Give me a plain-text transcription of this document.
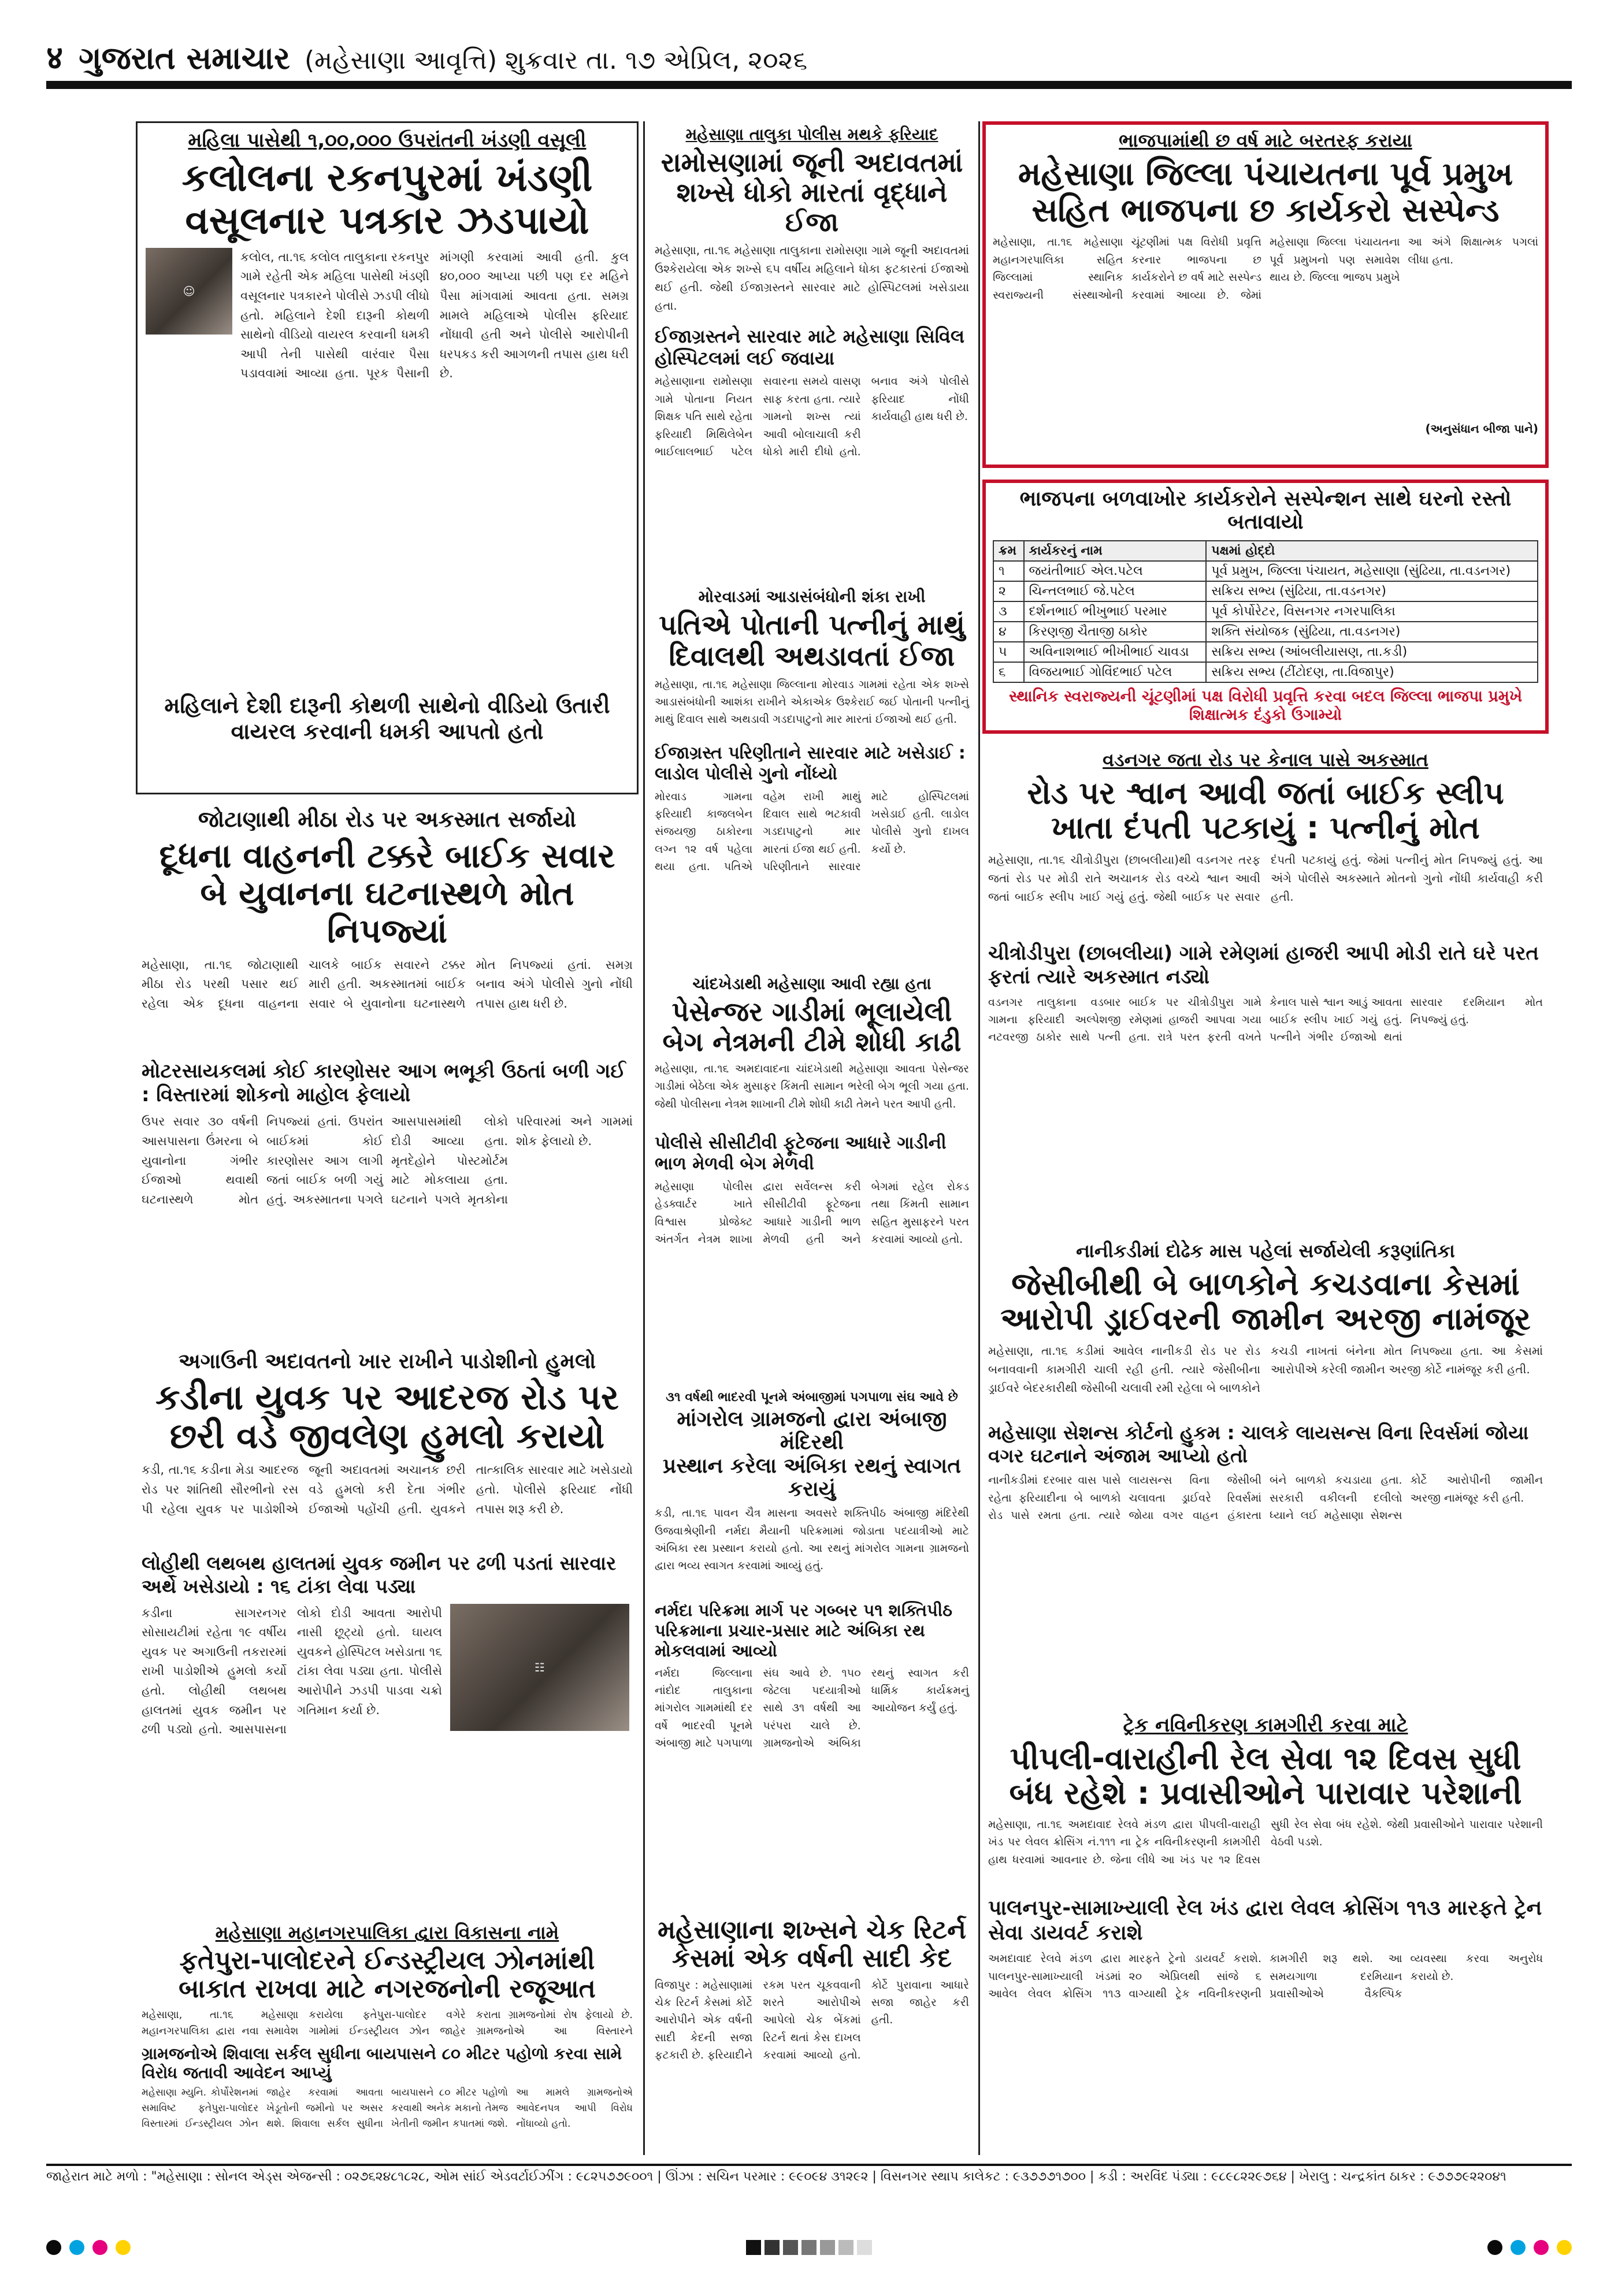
४ ગુજરાત સમાચાર (મહેસાણા આવૃત્તિ) શુક્રવાર તા. ૧૭ એપ્રિલ, ૨૦૨૬
મહિલા પાસેથી ૧,૦૦,૦૦૦ ઉપરાંતની ખંડણી વસૂલી
કલોલના રકનપુરમાં ખંડણી
વસૂલનાર પત્રકાર ઝડપાયો
☺
કલોલ, તા.૧૬ કલોલ તાલુકાના રકનપુર ગામે રહેતી એક મહિલા પાસેથી ખંડણી વસૂલનાર પત્રકારને પોલીસે ઝડપી લીધો હતો. મહિલાને દેશી દારૂની કોથળી સાથેનો વીડિયો વાયરલ કરવાની ધમકી આપી તેની પાસેથી વારંવાર પૈસા પડાવવામાં આવ્યા હતા. પૂરક પૈસાની માંગણી કરવામાં આવી હતી. કુલ ૪૦,૦૦૦ આપ્યા પછી પણ દર મહિને પૈસા માંગવામાં આવતા હતા. સમગ્ર મામલે મહિલાએ પોલીસ ફરિયાદ નોંધાવી હતી અને પોલીસે આરોપીની ધરપકડ કરી આગળની તપાસ હાથ ધરી છે.
મહિલાને દેશી દારૂની કોથળી સાથેનો વીડિયો ઉતારી વાયરલ કરવાની ધમકી આપતો હતો
જોટાણાથી મીઠા રોડ પર અકસ્માત સર્જાયો
દૂધના વાહનની ટક્કરે બાઈક સવાર
બે યુવાનના ઘટનાસ્થળે મોત નિપજ્યાં
મહેસાણા, તા.૧૬ જોટાણાથી મીઠા રોડ પરથી પસાર થઈ રહેલા એક દૂધના વાહનના ચાલકે બાઈક સવારને ટક્કર મારી હતી. અકસ્માતમાં બાઈક સવાર બે યુવાનોના ઘટનાસ્થળે મોત નિપજ્યાં હતાં. સમગ્ર બનાવ અંગે પોલીસે ગુનો નોંધી તપાસ હાથ ધરી છે.
મોટરસાયકલમાં કોઈ કારણોસર આગ ભભૂકી ઉઠતાં બળી ગઈ : વિસ્તારમાં શોકનો માહોલ ફેલાયો
ઉપર સવાર ૩૦ વર્ષની આસપાસના ઉંમરના બે યુવાનોના ગંભીર ઈજાઓ થવાથી ઘટનાસ્થળે મોત નિપજ્યાં હતાં. ઉપરાંત બાઈકમાં કોઈ કારણોસર આગ લાગી જતાં બાઈક બળી ગયું હતું. અકસ્માતના પગલે આસપાસમાંથી લોકો દોડી આવ્યા હતા. મૃતદેહોને પોસ્ટમોર્ટમ માટે મોકલાયા હતા. ઘટનાને પગલે મૃતકોના પરિવારમાં અને ગામમાં શોક ફેલાયો છે.
અગાઉની અદાવતનો ખાર રાખીને પાડોશીનો હુમલો
કડીના યુવક પર આદરજ રોડ પર
છરી વડે જીવલેણ હુમલો કરાયો
કડી, તા.૧૬ કડીના મેડા આદરજ રોડ પર શાંતિથી સૌરભીનો રસ પી રહેલા યુવક પર પાડોશીએ જૂની અદાવતમાં અચાનક છરી વડે હુમલો કરી દેતા ગંભીર ઈજાઓ પહોંચી હતી. યુવકને તાત્કાલિક સારવાર માટે ખસેડાયો હતો. પોલીસે ફરિયાદ નોંધી તપાસ શરૂ કરી છે.
લોહીથી લથબથ હાલતમાં યુવક જમીન પર ઢળી પડતાં સારવાર અર્થે ખસેડાયો : ૧૬ ટાંકા લેવા પડ્યા
કડીના સાગરનગર સોસાયટીમાં રહેતા ૧૯ વર્ષીય યુવક પર અગાઉની તકરારમાં રાખી પાડોશીએ હુમલો કર્યો હતો. લોહીથી લથબથ હાલતમાં યુવક જમીન પર ઢળી પડ્યો હતો. આસપાસના લોકો દોડી આવતા આરોપી નાસી છૂટ્યો હતો. ઘાયલ યુવકને હોસ્પિટલ ખસેડાતા ૧૬ ટાંકા લેવા પડ્યા હતા. પોલીસે આરોપીને ઝડપી પાડવા ચક્રો ગતિમાન કર્યા છે.
☷
મહેસાણા મહાનગરપાલિકા દ્વારા વિકાસના નામે
ફતેપુરા-પાલોદરને ઈન્ડસ્ટ્રીયલ ઝોનમાંથી
બાકાત રાખવા માટે નગરજનોની રજૂઆત
મહેસાણા, તા.૧૬ મહેસાણા મહાનગરપાલિકા દ્વારા નવા સમાવેશ કરાયેલા ફતેપુરા-પાલોદર વગેરે ગામોમાં ઈન્ડસ્ટ્રીયલ ઝોન જાહેર કરાતા ગ્રામજનોમાં રોષ ફેલાયો છે. ગ્રામજનોએ આ વિસ્તારને
ગ્રામજનોએ શિવાલા સર્કલ સુધીના બાયપાસને ૮૦ મીટર પહોળો કરવા સામે વિરોધ જતાવી આવેદન આપ્યું
મહેસાણા મ્યુનિ. કોર્પોરેશનમાં સમાવિષ્ટ ફતેપુરા-પાલોદર વિસ્તારમાં ઈન્ડસ્ટ્રીયલ ઝોન જાહેર કરવામાં આવતા ખેડૂતોની જમીનો પર અસર થશે. શિવાલા સર્કલ સુધીના બાયપાસને ૮૦ મીટર પહોળો કરવાથી અનેક મકાનો તેમજ ખેતીની જમીન કપાતમાં જશે. આ મામલે ગ્રામજનોએ આવેદનપત્ર આપી વિરોધ નોંધાવ્યો હતો.
મહેસાણા તાલુકા પોલીસ મથકે ફરિયાદ
રામોસણામાં જૂની અદાવતમાં
શખ્સે ધોકો મારતાં વૃદ્ધાને ઈજા
મહેસાણા, તા.૧૬ મહેસાણા તાલુકાના રામોસણા ગામે જૂની અદાવતમાં ઉશ્કેરાયેલા એક શખ્સે ૬૫ વર્ષીય મહિલાને ધોકા ફટકારતાં ઈજાઓ થઈ હતી. જેથી ઈજાગ્રસ્તને સારવાર માટે હોસ્પિટલમાં ખસેડાયા હતા.
ઈજાગ્રસ્તને સારવાર માટે મહેસાણા સિવિલ હોસ્પિટલમાં લઈ જવાયા
મહેસાણાના રામોસણા ગામે પોતાના નિયત શિક્ષક પતિ સાથે રહેતા ફરિયાદી મિથિલેબેન ભાઈલાલભાઈ પટેલ સવારના સમયે વાસણ સાફ કરતા હતા. ત્યારે ગામનો શખ્સ ત્યાં આવી બોલાચાલી કરી ધોકો મારી દીધો હતો. બનાવ અંગે પોલીસે ફરિયાદ નોંધી કાર્યવાહી હાથ ધરી છે.
મોરવાડમાં આડાસંબંધોની શંકા રાખી
પતિએ પોતાની પત્નીનું માથું
દિવાલથી અથડાવતાં ઈજા
મહેસાણા, તા.૧૬ મહેસાણા જિલ્લાના મોરવાડ ગામમાં રહેતા એક શખ્સે આડાસંબંધોની આશંકા રાખીને એકાએક ઉશ્કેરાઈ જઈ પોતાની પત્નીનું માથું દિવાલ સાથે અથડાવી ગડદાપાટુનો માર મારતાં ઈજાઓ થઈ હતી.
ઈજાગ્રસ્ત પરિણીતાને સારવાર માટે ખસેડાઈ : લાડોલ પોલીસે ગુનો નોંધ્યો
મોરવાડ ગામના ફરિયાદી કાજલબેન સંજયજી ઠાકોરના લગ્ન ૧૨ વર્ષ પહેલા થયા હતા. પતિએ વહેમ રાખી માથું દિવાલ સાથે ભટકાવી ગડદાપાટુનો માર મારતાં ઈજા થઈ હતી. પરિણીતાને સારવાર માટે હોસ્પિટલમાં ખસેડાઈ હતી. લાડોલ પોલીસે ગુનો દાખલ કર્યો છે.
ચાંદખેડાથી મહેસાણા આવી રહ્યા હતા
પેસેન્જર ગાડીમાં ભૂલાયેલી
બેગ નેત્રમની ટીમે શોધી કાઢી
મહેસાણા, તા.૧૬ અમદાવાદના ચાંદખેડાથી મહેસાણા આવતા પેસેન્જર ગાડીમાં બેઠેલા એક મુસાફર કિંમતી સામાન ભરેલી બેગ ભૂલી ગયા હતા. જેથી પોલીસના નેત્રમ શાખાની ટીમે શોધી કાઢી તેમને પરત આપી હતી.
પોલીસે સીસીટીવી ફૂટેજના આધારે ગાડીની ભાળ મેળવી બેગ મેળવી
મહેસાણા પોલીસ હેડક્વાર્ટર ખાતે વિશ્વાસ પ્રોજેક્ટ અંતર્ગત નેત્રમ શાખા દ્વારા સર્વેલન્સ કરી સીસીટીવી ફૂટેજના આધારે ગાડીની ભાળ મેળવી હતી અને બેગમાં રહેલ રોકડ તથા કિંમતી સામાન સહિત મુસાફરને પરત કરવામાં આવ્યો હતો.
૩૧ વર્ષથી ભાદરવી પૂનમે અંબાજીમાં પગપાળા સંઘ આવે છે
માંગરોલ ગ્રામજનો દ્વારા અંબાજી મંદિરથી
પ્રસ્થાન કરેલા અંબિકા રથનું સ્વાગત કરાયું
કડી, તા.૧૬ પાવન ચૈત્ર માસના અવસરે શક્તિપીઠ અંબાજી મંદિરેથી ઉજવાશ્રેણીની નર્મદા મૈયાની પરિક્રમામાં જોડાતા પદયાત્રીઓ માટે અંબિકા રથ પ્રસ્થાન કરાયો હતો. આ રથનું માંગરોલ ગામના ગ્રામજનો દ્વારા ભવ્ય સ્વાગત કરવામાં આવ્યું હતું.
નર્મદા પરિક્રમા માર્ગ પર ગબ્બર ૫૧ શક્તિપીઠ પરિક્રમાના પ્રચાર-પ્રસાર માટે અંબિકા રથ મોકલવામાં આવ્યો
નર્મદા જિલ્લાના નાંદોદ તાલુકાના માંગરોલ ગામમાંથી દર વર્ષે ભાદરવી પૂનમે અંબાજી માટે પગપાળા સંઘ આવે છે. ૧૫૦ જેટલા પદયાત્રીઓ સાથે ૩૧ વર્ષથી આ પરંપરા ચાલે છે. ગ્રામજનોએ અંબિકા રથનું સ્વાગત કરી ધાર્મિક કાર્યક્રમનું આયોજન કર્યું હતું.
મહેસાણાના શખ્સને ચેક રિટર્ન
કેસમાં એક વર્ષની સાદી કેદ
વિજાપુર : મહેસાણામાં ચેક રિટર્ન કેસમાં કોર્ટે આરોપીને એક વર્ષની સાદી કેદની સજા ફટકારી છે. ફરિયાદીને રકમ પરત ચૂકવવાની શરતે આરોપીએ આપેલો ચેક બેંકમાં રિટર્ન થતાં કેસ દાખલ કરવામાં આવ્યો હતો. કોર્ટે પુરાવાના આધારે સજા જાહેર કરી હતી.
ભાજપામાંથી છ વર્ષ માટે બરતરફ કરાયા
મહેસાણા જિલ્લા પંચાયતના પૂર્વ પ્રમુખ
સહિત ભાજપના છ કાર્યકરો સસ્પેન્ડ
મહેસાણા, તા.૧૬ મહેસાણા મહાનગરપાલિકા સહિત જિલ્લામાં સ્થાનિક સ્વરાજ્યની સંસ્થાઓની ચૂંટણીમાં પક્ષ વિરોધી પ્રવૃત્તિ કરનાર ભાજપના છ કાર્યકરોને છ વર્ષ માટે સસ્પેન્ડ કરવામાં આવ્યા છે. જેમાં મહેસાણા જિલ્લા પંચાયતના પૂર્વ પ્રમુખનો પણ સમાવેશ થાય છે. જિલ્લા ભાજપ પ્રમુખે આ અંગે શિક્ષાત્મક પગલાં લીધા હતા.
(અનુસંધાન બીજા પાને)
ભાજપના બળવાખોર કાર્યકરોને સસ્પેન્શન સાથે ઘરનો રસ્તો બતાવાયો
ક્રમ	કાર્યકરનું નામ	પક્ષમાં હોદ્દો
૧	જયંતીભાઈ એલ.પટેલ	પૂર્વ પ્રમુખ, જિલ્લા પંચાયત, મહેસાણા (સુંઢિયા, તા.વડનગર)
૨	ચિન્તલભાઈ જે.પટેલ	સક્રિય સભ્ય (સુંઢિયા, તા.વડનગર)
૩	દર્શનભાઈ ભીખુભાઈ પરમાર	પૂર્વ કોર્પોરેટર, વિસનગર નગરપાલિકા
૪	કિરણજી ચૈતાજી ઠાકોર	શક્તિ સંયોજક (સુંઢિયા, તા.વડનગર)
૫	અવિનાશભાઈ ભીખીભાઈ ચાવડા	સક્રિય સભ્ય (આંબલીયાસણ, તા.કડી)
૬	વિજયભાઈ ગોવિંદભાઈ પટેલ	સક્રિય સભ્ય (ટીંટોદણ, તા.વિજાપુર)
સ્થાનિક સ્વરાજ્યની ચૂંટણીમાં પક્ષ વિરોધી પ્રવૃત્તિ કરવા બદલ જિલ્લા ભાજપા પ્રમુખે શિક્ષાત્મક દંડુકો ઉગામ્યો
વડનગર જતા રોડ પર કેનાલ પાસે અકસ્માત
રોડ પર શ્વાન આવી જતાં બાઈક સ્લીપ
ખાતા દંપતી પટકાયું : પત્નીનું મોત
મહેસાણા, તા.૧૬ ચીત્રોડીપુરા (છાબલીયા)થી વડનગર તરફ જતાં રોડ પર મોડી રાતે અચાનક રોડ વચ્ચે શ્વાન આવી જતાં બાઈક સ્લીપ ખાઈ ગયું હતું. જેથી બાઈક પર સવાર દંપતી પટકાયું હતું. જેમાં પત્નીનું મોત નિપજ્યું હતું. આ અંગે પોલીસે અકસ્માતે મોતનો ગુનો નોંધી કાર્યવાહી કરી હતી.
ચીત્રોડીપુરા (છાબલીયા) ગામે રમેણમાં હાજરી આપી મોડી રાતે ઘરે પરત ફરતાં ત્યારે અકસ્માત નડ્યો
વડનગર તાલુકાના વડબાર ગામના ફરિયાદી અલ્પેશજી નટવરજી ઠાકોર સાથે પત્ની બાઈક પર ચીત્રોડીપુરા ગામે રમેણમાં હાજરી આપવા ગયા હતા. રાત્રે પરત ફરતી વખતે કેનાલ પાસે શ્વાન આડું આવતા બાઈક સ્લીપ ખાઈ ગયું હતું. પત્નીને ગંભીર ઈજાઓ થતાં સારવાર દરમિયાન મોત નિપજ્યું હતું.
નાનીકડીમાં દોઢેક માસ પહેલાં સર્જાયેલી કરૂણાંતિકા
જેસીબીથી બે બાળકોને કચડવાના કેસમાં
આરોપી ડ્રાઈવરની જામીન અરજી નામંજૂર
મહેસાણા, તા.૧૬ કડીમાં આવેલ નાનીકડી રોડ પર રોડ બનાવવાની કામગીરી ચાલી રહી હતી. ત્યારે જેસીબીના ડ્રાઈવરે બેદરકારીથી જેસીબી ચલાવી રમી રહેલા બે બાળકોને કચડી નાખતાં બંનેના મોત નિપજ્યા હતા. આ કેસમાં આરોપીએ કરેલી જામીન અરજી કોર્ટે નામંજૂર કરી હતી.
મહેસાણા સેશન્સ કોર્ટનો હુકમ : ચાલકે લાયસન્સ વિના રિવર્સમાં જોયા વગર ઘટનાને અંજામ આપ્યો હતો
નાનીકડીમાં દરબાર વાસ પાસે રહેતા ફરિયાદીના બે બાળકો રોડ પાસે રમતા હતા. ત્યારે લાયસન્સ વિના જેસીબી ચલાવતા ડ્રાઈવરે રિવર્સમાં જોયા વગર વાહન હંકારતા બંને બાળકો કચડાયા હતા. સરકારી વકીલની દલીલો ધ્યાને લઈ મહેસાણા સેશન્સ કોર્ટે આરોપીની જામીન અરજી નામંજૂર કરી હતી.
ટ્રેક નવિનીકરણ કામગીરી કરવા માટે
પીપલી-વારાહીની રેલ સેવા ૧૨ દિવસ સુધી
બંધ રહેશે : પ્રવાસીઓને પારાવાર પરેશાની
મહેસાણા, તા.૧૬ અમદાવાદ રેલવે મંડળ દ્વારા પીપલી-વારાહી ખંડ પર લેવલ ક્રોસિંગ નં.૧૧૧ ના ટ્રેક નવિનીકરણની કામગીરી હાથ ધરવામાં આવનાર છે. જેના લીધે આ ખંડ પર ૧૨ દિવસ સુધી રેલ સેવા બંધ રહેશે. જેથી પ્રવાસીઓને પારાવાર પરેશાની વેઠવી પડશે.
પાલનપુર-સામાખ્યાલી રેલ ખંડ દ્વારા લેવલ ક્રોસિંગ ૧૧૩ મારફતે ટ્રેન સેવા ડાયવર્ટ કરાશે
અમદાવાદ રેલવે મંડળ દ્વારા પાલનપુર-સામાખ્યાલી ખંડમાં આવેલ લેવલ ક્રોસિંગ ૧૧૩ મારફતે ટ્રેનો ડાયવર્ટ કરાશે. ૨૦ એપ્રિલથી સાંજે ૬ વાગ્યાથી ટ્રેક નવિનીકરણની કામગીરી શરૂ થશે. આ સમયગાળા દરમિયાન પ્રવાસીઓએ વૈકલ્પિક વ્યવસ્થા કરવા અનુરોધ કરાયો છે.
જાહેરાત માટે મળો : "મહેસાણા : સોનલ એડ્સ એજન્સી : ૦૨૭૬૨૪૮૧૮૨૮, ઓમ સાંઈ એડવર્ટાઈઝીંગ : ૯૮૨૫૭૭૯૦૦૧ | ઊંઝા : સચિન પરમાર : ૯૯૦૯૪ ૩૧૨૯૨ | વિસનગર સ્થાપ કાલેકટ : ૯૩૭૭૭૧૭૦૦ | કડી : અરવિંદ પંડ્યા : ૯૮૯૮૨૨૯૭૬૪ | ખેરાલુ : ચન્દ્રકાંત ઠાકર : ૯૭૭૭૯૨૨૦૪૧
